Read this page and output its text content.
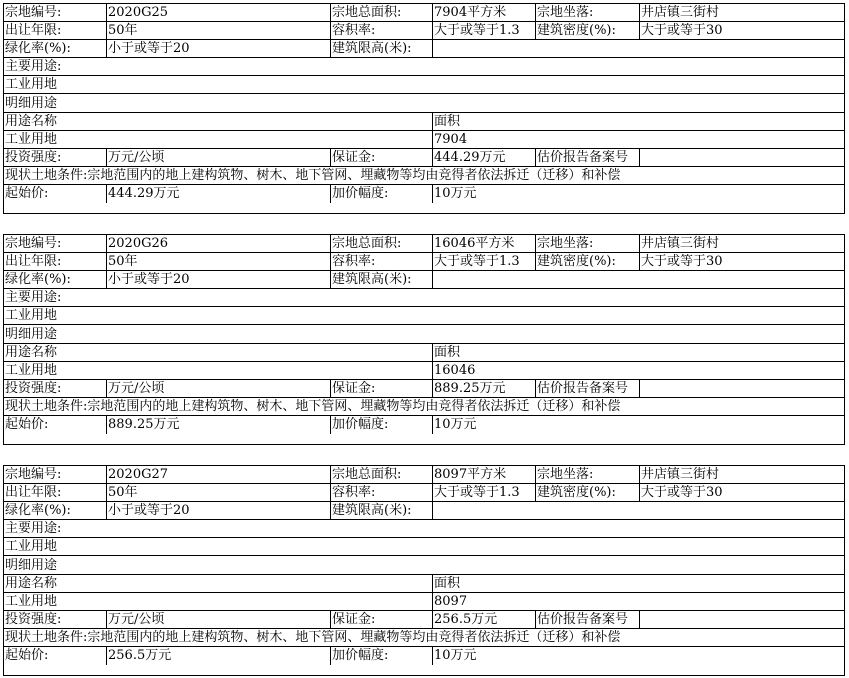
宗地编号:	2020G25	宗地总面积:	7904平方米	宗地坐落:	井店镇三街村
出让年限:	50年	容积率:	大于或等于1.3	建筑密度(%):	大于或等于30
绿化率(%):	小于或等于20	建筑限高(米):
主要用途:
工业用地
明细用途
用途名称	面积
工业用地	7904
投资强度:	万元/公顷	保证金:	444.29万元	估价报告备案号
现状土地条件:宗地范围内的地上建构筑物、树木、地下管网、埋藏物等均由竞得者依法拆迁（迁移）和补偿
起始价:	444.29万元	加价幅度:	10万元
宗地编号:	2020G26	宗地总面积:	16046平方米	宗地坐落:	井店镇三街村
出让年限:	50年	容积率:	大于或等于1.3	建筑密度(%):	大于或等于30
绿化率(%):	小于或等于20	建筑限高(米):
主要用途:
工业用地
明细用途
用途名称	面积
工业用地	16046
投资强度:	万元/公顷	保证金:	889.25万元	估价报告备案号
现状土地条件:宗地范围内的地上建构筑物、树木、地下管网、埋藏物等均由竞得者依法拆迁（迁移）和补偿
起始价:	889.25万元	加价幅度:	10万元
宗地编号:	2020G27	宗地总面积:	8097平方米	宗地坐落:	井店镇三街村
出让年限:	50年	容积率:	大于或等于1.3	建筑密度(%):	大于或等于30
绿化率(%):	小于或等于20	建筑限高(米):
主要用途:
工业用地
明细用途
用途名称	面积
工业用地	8097
投资强度:	万元/公顷	保证金:	256.5万元	估价报告备案号
现状土地条件:宗地范围内的地上建构筑物、树木、地下管网、埋藏物等均由竞得者依法拆迁（迁移）和补偿
起始价:	256.5万元	加价幅度:	10万元
